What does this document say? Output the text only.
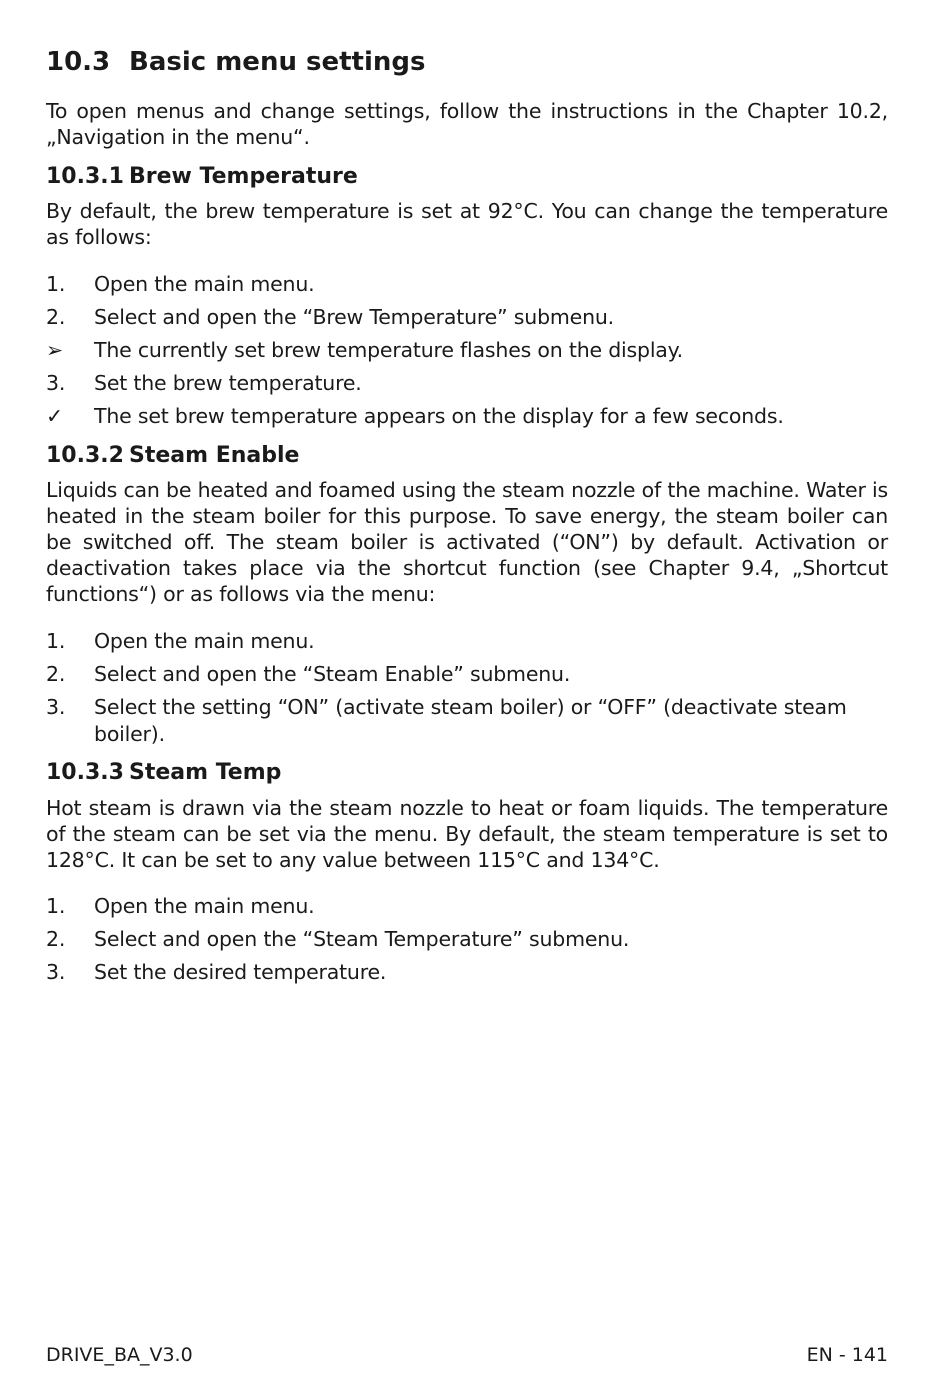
10.3 Basic menu settings
To open menus and change settings, follow the instructions in the Chapter 10.2, „Navigation in the menu“.
10.3.1 Brew Temperature
By default, the brew temperature is set at 92°C. You can change the temperature as follows:
1. Open the main menu.
2. Select and open the “Brew Temperature” submenu.
➢ The currently set brew temperature flashes on the display.
3. Set the brew temperature.
✓ The set brew temperature appears on the display for a few seconds.
10.3.2 Steam Enable
Liquids can be heated and foamed using the steam nozzle of the machine. Water is heated in the steam boiler for this purpose. To save energy, the steam boiler can be switched off. The steam boiler is activated (“ON”) by default. Activation or deactivation takes place via the shortcut function (see Chapter 9.4, „Shortcut functions“) or as follows via the menu:
1. Open the main menu.
2. Select and open the “Steam Enable” submenu.
3. Select the setting “ON” (activate steam boiler) or “OFF” (deactivate steam boiler).
10.3.3 Steam Temp
Hot steam is drawn via the steam nozzle to heat or foam liquids. The temperature of the steam can be set via the menu. By default, the steam temperature is set to 128°C. It can be set to any value between 115°C and 134°C.
1. Open the main menu.
2. Select and open the “Steam Temperature” submenu.
3. Set the desired temperature.
DRIVE_BA_V3.0	EN - 141
